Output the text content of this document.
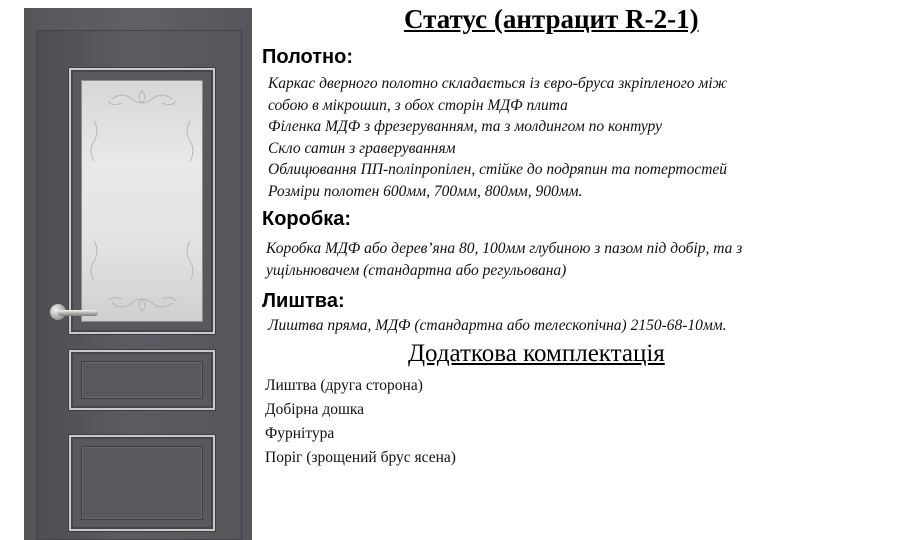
Статус (антрацит R-2-1)
Полотно:
Каркас дверного полотно складається із євро-бруса зкріпленого між
собою в мікрошип, з обох сторін МДФ плита
Філенка МДФ з фрезеруванням, та з молдингом по контуру
Скло сатин з граверуванням
Облицювання ПП-поліпропілен, стійке до подряпин та потертостей
Розміри полотен 600мм, 700мм, 800мм, 900мм.
Коробка:
Коробка МДФ або дерев’яна 80, 100мм глубиною з пазом під добір, та з
ущільнювачем (стандартна або регульована)
Лиштва:
Лиштва пряма, МДФ (стандартна або телескопічна) 2150-68-10мм.
Додаткова комплектація
Лиштва (друга сторона)
Добірна дошка
Фурнітура
Поріг (зрощений брус ясена)
